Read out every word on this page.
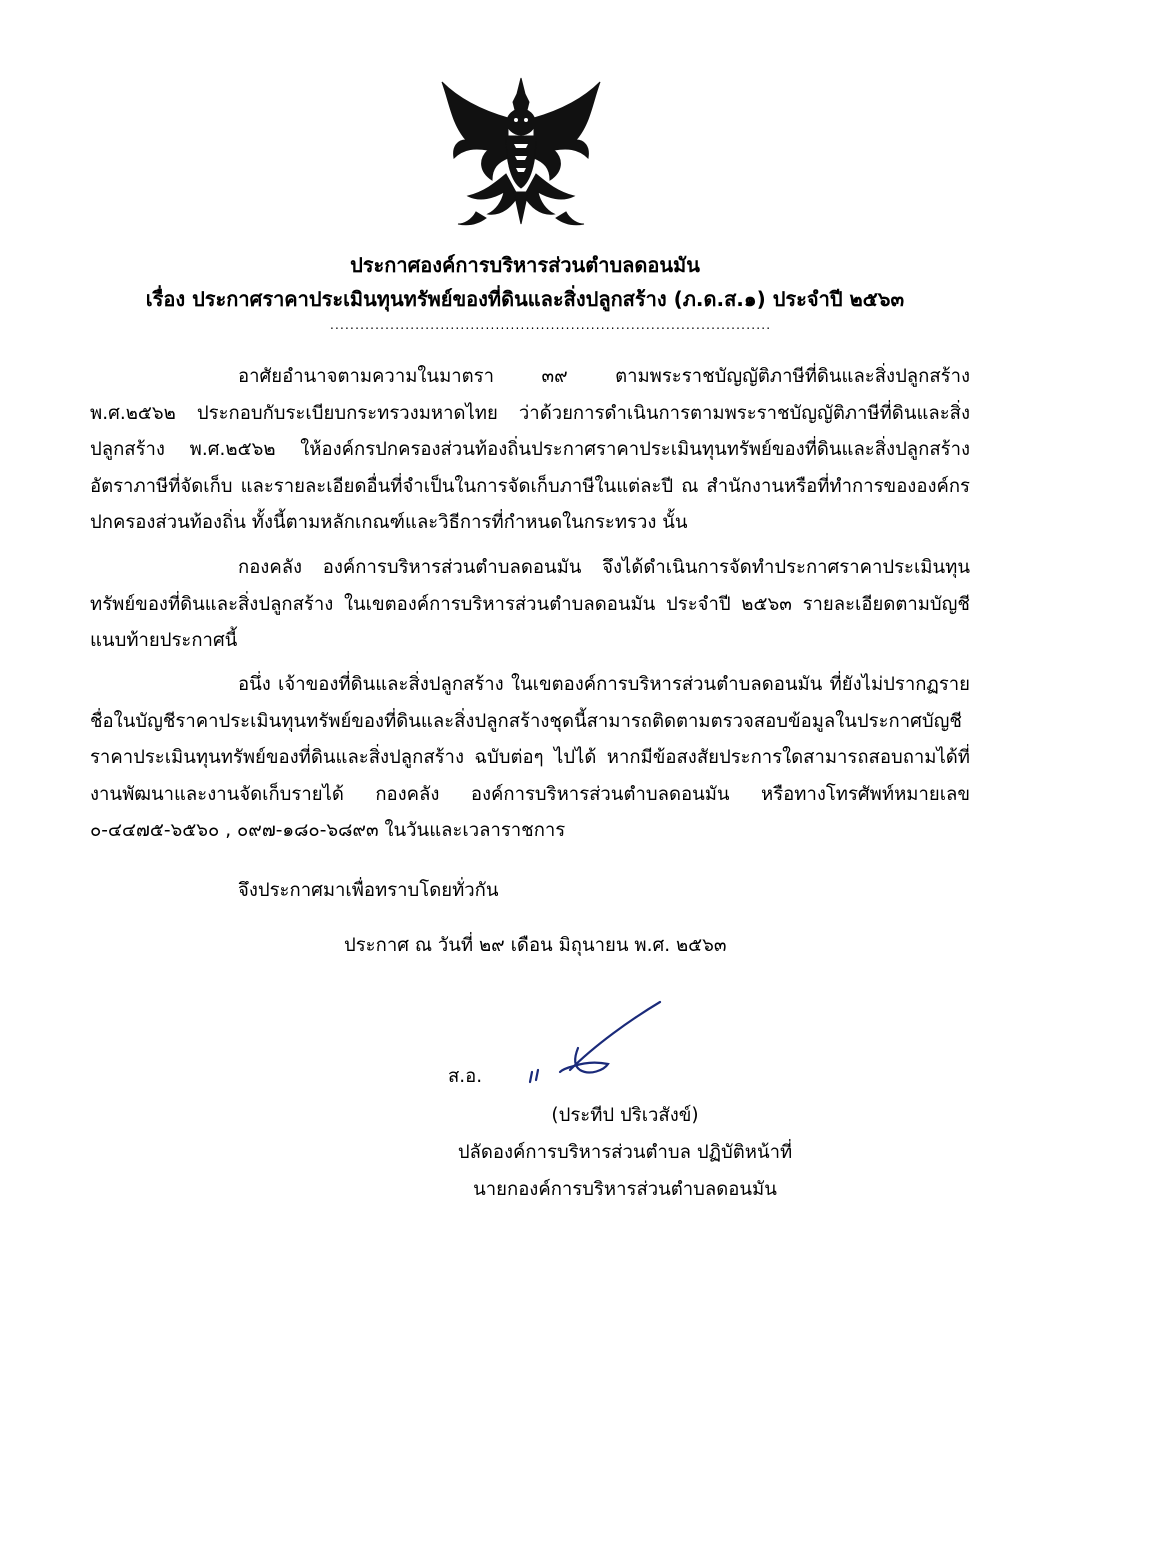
ประกาศองค์การบริหารส่วนตำบลดอนมัน
เรื่อง ประกาศราคาประเมินทุนทรัพย์ของที่ดินและสิ่งปลูกสร้าง (ภ.ด.ส.๑) ประจำปี ๒๕๖๓
........................................................................................
อาศัยอำนาจตามความในมาตรา ๓๙ ตามพระราชบัญญัติภาษีที่ดินและสิ่งปลูกสร้าง พ.ศ.๒๕๖๒ ประกอบกับระเบียบกระทรวงมหาดไทย ว่าด้วยการดำเนินการตามพระราชบัญญัติภาษีที่ดินและสิ่งปลูกสร้าง พ.ศ.๒๕๖๒ ให้องค์กรปกครองส่วนท้องถิ่นประกาศราคาประเมินทุนทรัพย์ของที่ดินและสิ่งปลูกสร้าง อัตราภาษีที่จัดเก็บ และรายละเอียดอื่นที่จำเป็นในการจัดเก็บภาษีในแต่ละปี ณ สำนักงานหรือที่ทำการขององค์กรปกครองส่วนท้องถิ่น ทั้งนี้ตามหลักเกณฑ์และวิธีการที่กำหนดในกระทรวง นั้น
กองคลัง องค์การบริหารส่วนตำบลดอนมัน จึงได้ดำเนินการจัดทำประกาศราคาประเมินทุนทรัพย์ของที่ดินและสิ่งปลูกสร้าง ในเขตองค์การบริหารส่วนตำบลดอนมัน ประจำปี ๒๕๖๓ รายละเอียดตามบัญชีแนบท้ายประกาศนี้
อนึ่ง เจ้าของที่ดินและสิ่งปลูกสร้าง ในเขตองค์การบริหารส่วนตำบลดอนมัน ที่ยังไม่ปรากฏรายชื่อในบัญชีราคาประเมินทุนทรัพย์ของที่ดินและสิ่งปลูกสร้างชุดนี้สามารถติดตามตรวจสอบข้อมูลในประกาศบัญชีราคาประเมินทุนทรัพย์ของที่ดินและสิ่งปลูกสร้าง ฉบับต่อๆ ไปได้ หากมีข้อสงสัยประการใดสามารถสอบถามได้ที่ งานพัฒนาและงานจัดเก็บรายได้ กองคลัง องค์การบริหารส่วนตำบลดอนมัน หรือทางโทรศัพท์หมายเลข ๐-๔๔๗๕-๖๕๖๐ , ๐๙๗-๑๘๐-๖๘๙๓ ในวันและเวลาราชการ
จึงประกาศมาเพื่อทราบโดยทั่วกัน
ประกาศ ณ วันที่ ๒๙ เดือน มิถุนายน พ.ศ. ๒๕๖๓
ส.อ.
(ประทีป ปริเวสังข์)
ปลัดองค์การบริหารส่วนตำบล ปฏิบัติหน้าที่
นายกองค์การบริหารส่วนตำบลดอนมัน
